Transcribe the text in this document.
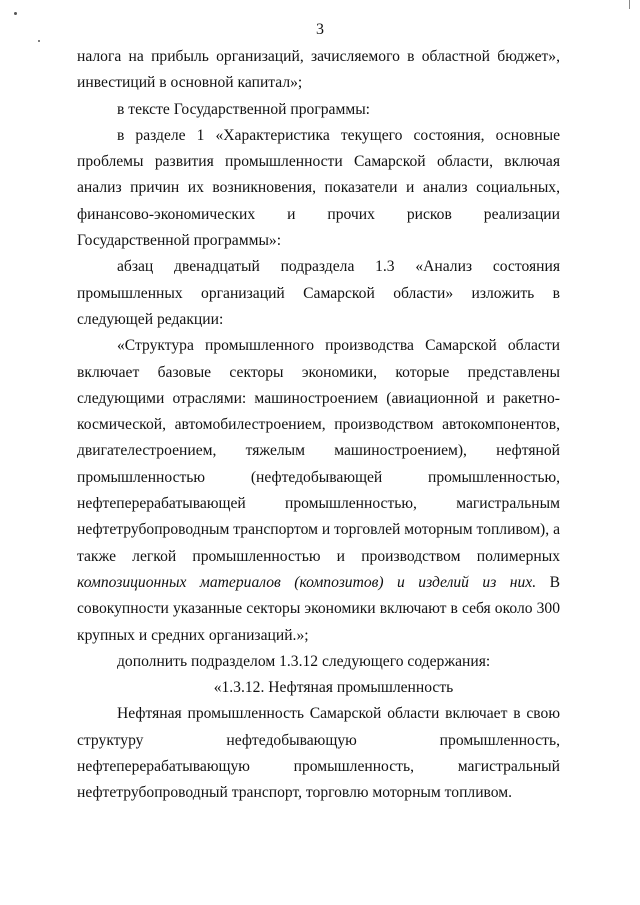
3

налога на прибыль организаций, зачисляемого в областной бюджет», инвестиций в основной капитал»;

в тексте Государственной программы:

в разделе 1 «Характеристика текущего состояния, основные проблемы развития промышленности Самарской области, включая анализ причин их возникновения, показатели и анализ социальных, финансово-экономических и прочих рисков реализации Государственной программы»:

абзац двенадцатый подраздела 1.3 «Анализ состояния промышленных организаций Самарской области» изложить в следующей редакции:

«Структура промышленного производства Самарской области включает базовые секторы экономики, которые представлены следующими отраслями: машиностроением (авиационной и ракетно-космической, автомобилестроением, производством автокомпонентов, двигателестроением, тяжелым машиностроением), нефтяной промышленностью (нефтедобывающей промышленностью, нефтеперерабатывающей промышленностью, магистральным нефтетрубопроводным транспортом и торговлей моторным топливом), а также легкой промышленностью и производством полимерных композиционных материалов (композитов) и изделий из них. В совокупности указанные секторы экономики включают в себя около 300 крупных и средних организаций.»;

дополнить подразделом 1.3.12 следующего содержания:

«1.3.12. Нефтяная промышленность

Нефтяная промышленность Самарской области включает в свою структуру нефтедобывающую промышленность, нефтеперерабатывающую промышленность, магистральный нефтетрубопроводный транспорт, торговлю моторным топливом.
